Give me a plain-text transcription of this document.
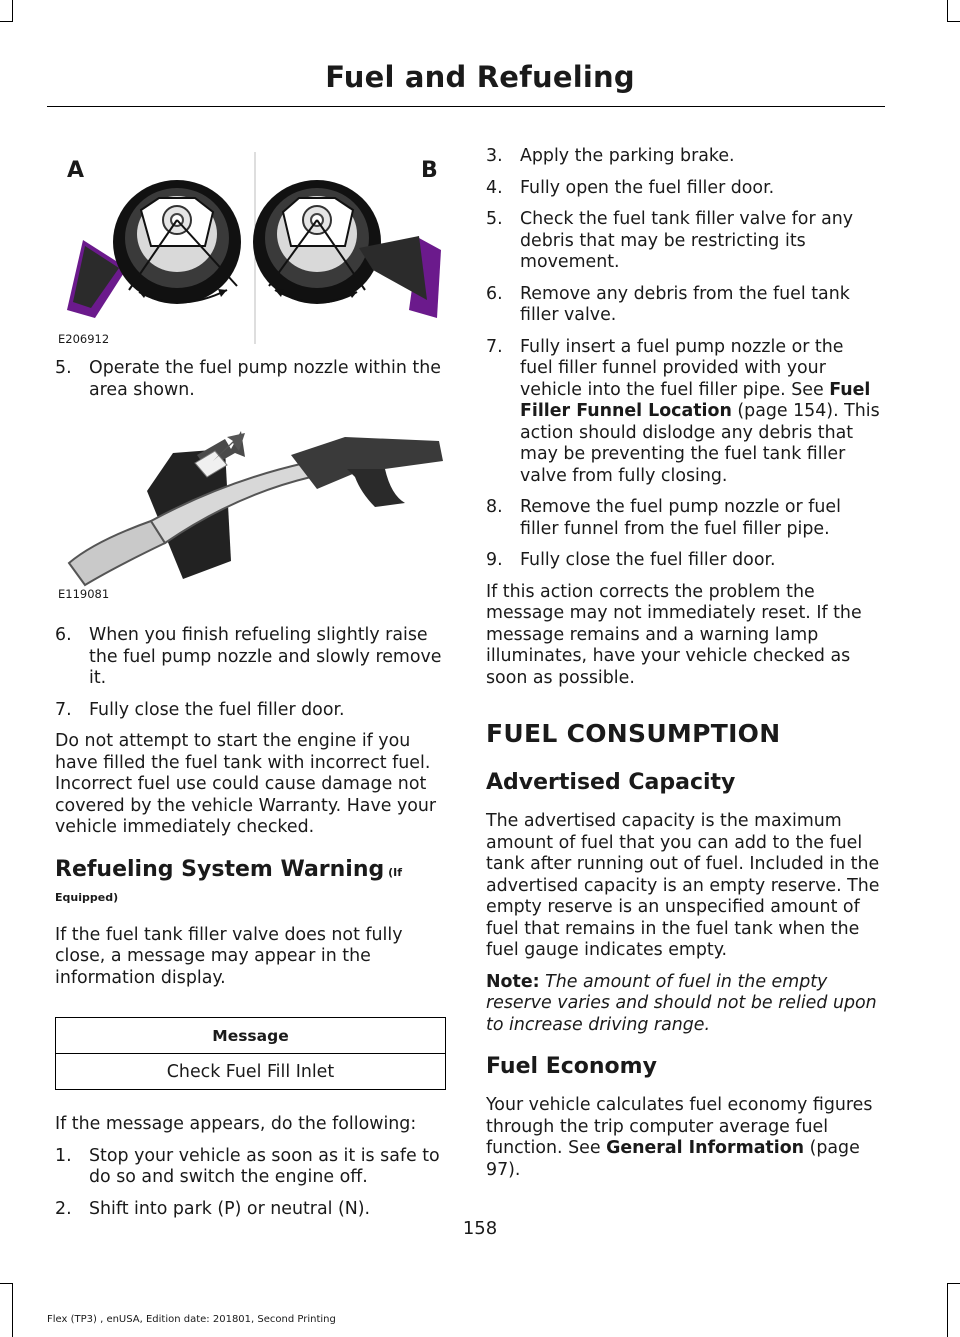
Fuel and Refueling
A	B
E206912
5.	Operate the fuel pump nozzle within the area shown.
E119081
6.	When you finish refueling slightly raise the fuel pump nozzle and slowly remove it.
7.	Fully close the fuel filler door.

Do not attempt to start the engine if you have filled the fuel tank with incorrect fuel. Incorrect fuel use could cause damage not covered by the vehicle Warranty. Have your vehicle immediately checked.

Refueling System Warning (If Equipped)

If the fuel tank filler valve does not fully close, a message may appear in the information display.

Message
Check Fuel Fill Inlet

If the message appears, do the following:

1.	Stop your vehicle as soon as it is safe to do so and switch the engine off.
2.	Shift into park (P) or neutral (N).
3.	Apply the parking brake.
4.	Fully open the fuel filler door.
5.	Check the fuel tank filler valve for any debris that may be restricting its movement.
6.	Remove any debris from the fuel tank filler valve.
7.	Fully insert a fuel pump nozzle or the fuel filler funnel provided with your vehicle into the fuel filler pipe. See Fuel Filler Funnel Location (page 154). This action should dislodge any debris that may be preventing the fuel tank filler valve from fully closing.
8.	Remove the fuel pump nozzle or fuel filler funnel from the fuel filler pipe.
9.	Fully close the fuel filler door.

If this action corrects the problem the message may not immediately reset. If the message remains and a warning lamp illuminates, have your vehicle checked as soon as possible.

FUEL CONSUMPTION
Advertised Capacity

The advertised capacity is the maximum amount of fuel that you can add to the fuel tank after running out of fuel. Included in the advertised capacity is an empty reserve. The empty reserve is an unspecified amount of fuel that remains in the fuel tank when the fuel gauge indicates empty.

Note: The amount of fuel in the empty reserve varies and should not be relied upon to increase driving range.

Fuel Economy

Your vehicle calculates fuel economy figures through the trip computer average fuel function. See General Information (page 97).

158
Flex (TP3) , enUSA, Edition date: 201801, Second Printing
